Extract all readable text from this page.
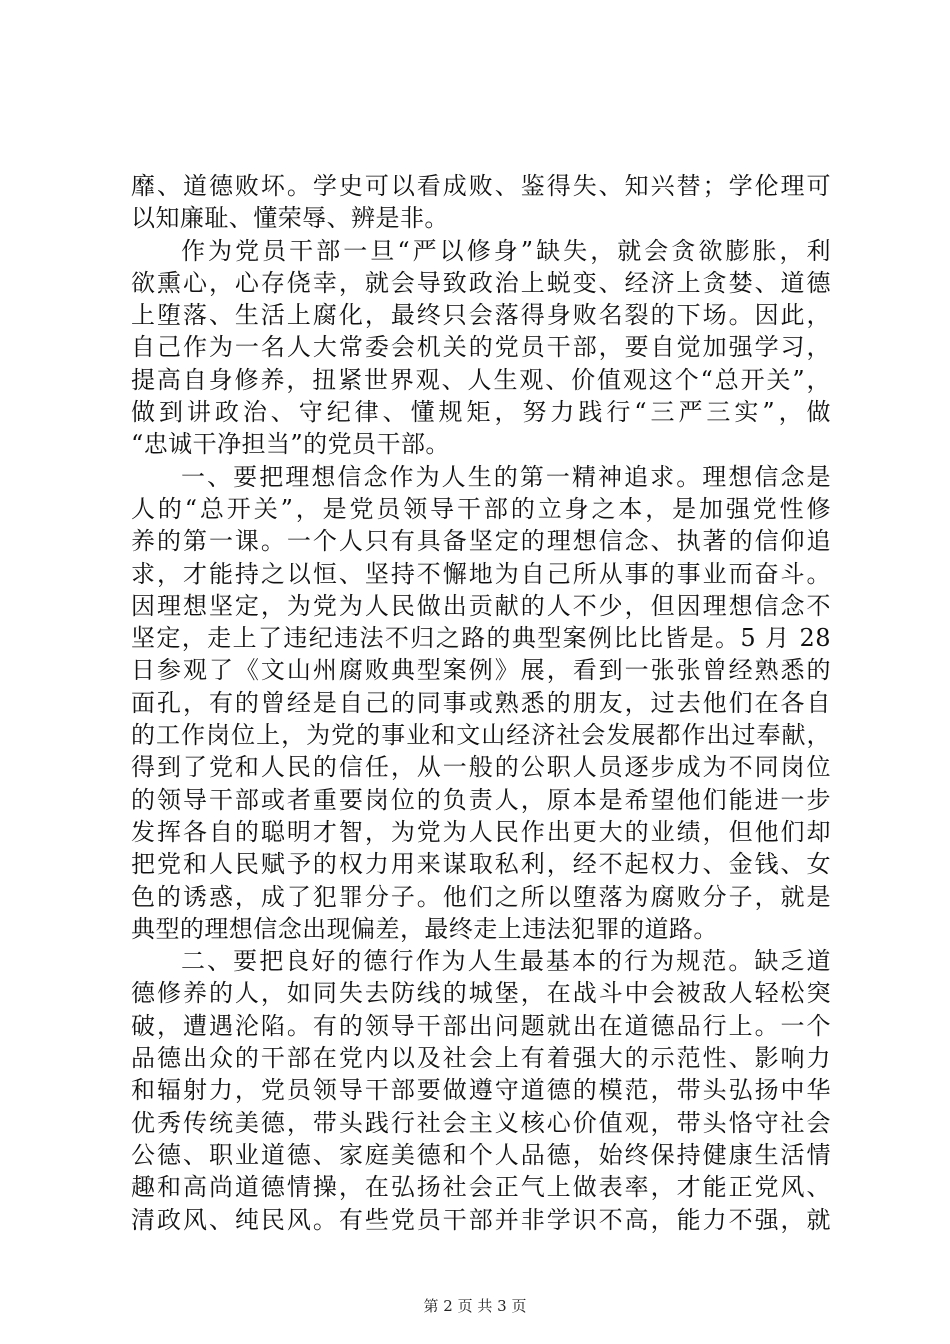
靡、道德败坏。学史可以看成败、鉴得失、知兴替；学伦理可
以知廉耻、懂荣辱、辨是非。
作为党员干部一旦“严以修身”缺失，就会贪欲膨胀，利
欲熏心，心存侥幸，就会导致政治上蜕变、经济上贪婪、道德
上堕落、生活上腐化，最终只会落得身败名裂的下场。因此，
自己作为一名人大常委会机关的党员干部，要自觉加强学习，
提高自身修养，扭紧世界观、人生观、价值观这个“总开关”，
做到讲政治、守纪律、懂规矩，努力践行“三严三实”，做
“忠诚干净担当”的党员干部。
一、要把理想信念作为人生的第一精神追求。理想信念是
人的“总开关”，是党员领导干部的立身之本，是加强党性修
养的第一课。一个人只有具备坚定的理想信念、执著的信仰追
求，才能持之以恒、坚持不懈地为自己所从事的事业而奋斗。
因理想坚定，为党为人民做出贡献的人不少，但因理想信念不
坚定，走上了违纪违法不归之路的典型案例比比皆是。5 月 28
日参观了《文山州腐败典型案例》展，看到一张张曾经熟悉的
面孔，有的曾经是自己的同事或熟悉的朋友，过去他们在各自
的工作岗位上，为党的事业和文山经济社会发展都作出过奉献，
得到了党和人民的信任，从一般的公职人员逐步成为不同岗位
的领导干部或者重要岗位的负责人，原本是希望他们能进一步
发挥各自的聪明才智，为党为人民作出更大的业绩，但他们却
把党和人民赋予的权力用来谋取私利，经不起权力、金钱、女
色的诱惑，成了犯罪分子。他们之所以堕落为腐败分子，就是
典型的理想信念出现偏差，最终走上违法犯罪的道路。
二、要把良好的德行作为人生最基本的行为规范。缺乏道
德修养的人，如同失去防线的城堡，在战斗中会被敌人轻松突
破，遭遇沦陷。有的领导干部出问题就出在道德品行上。一个
品德出众的干部在党内以及社会上有着强大的示范性、影响力
和辐射力，党员领导干部要做遵守道德的模范，带头弘扬中华
优秀传统美德，带头践行社会主义核心价值观，带头恪守社会
公德、职业道德、家庭美德和个人品德，始终保持健康生活情
趣和高尚道德情操，在弘扬社会正气上做表率，才能正党风、
清政风、纯民风。有些党员干部并非学识不高，能力不强，就
第 2 页 共 3 页
